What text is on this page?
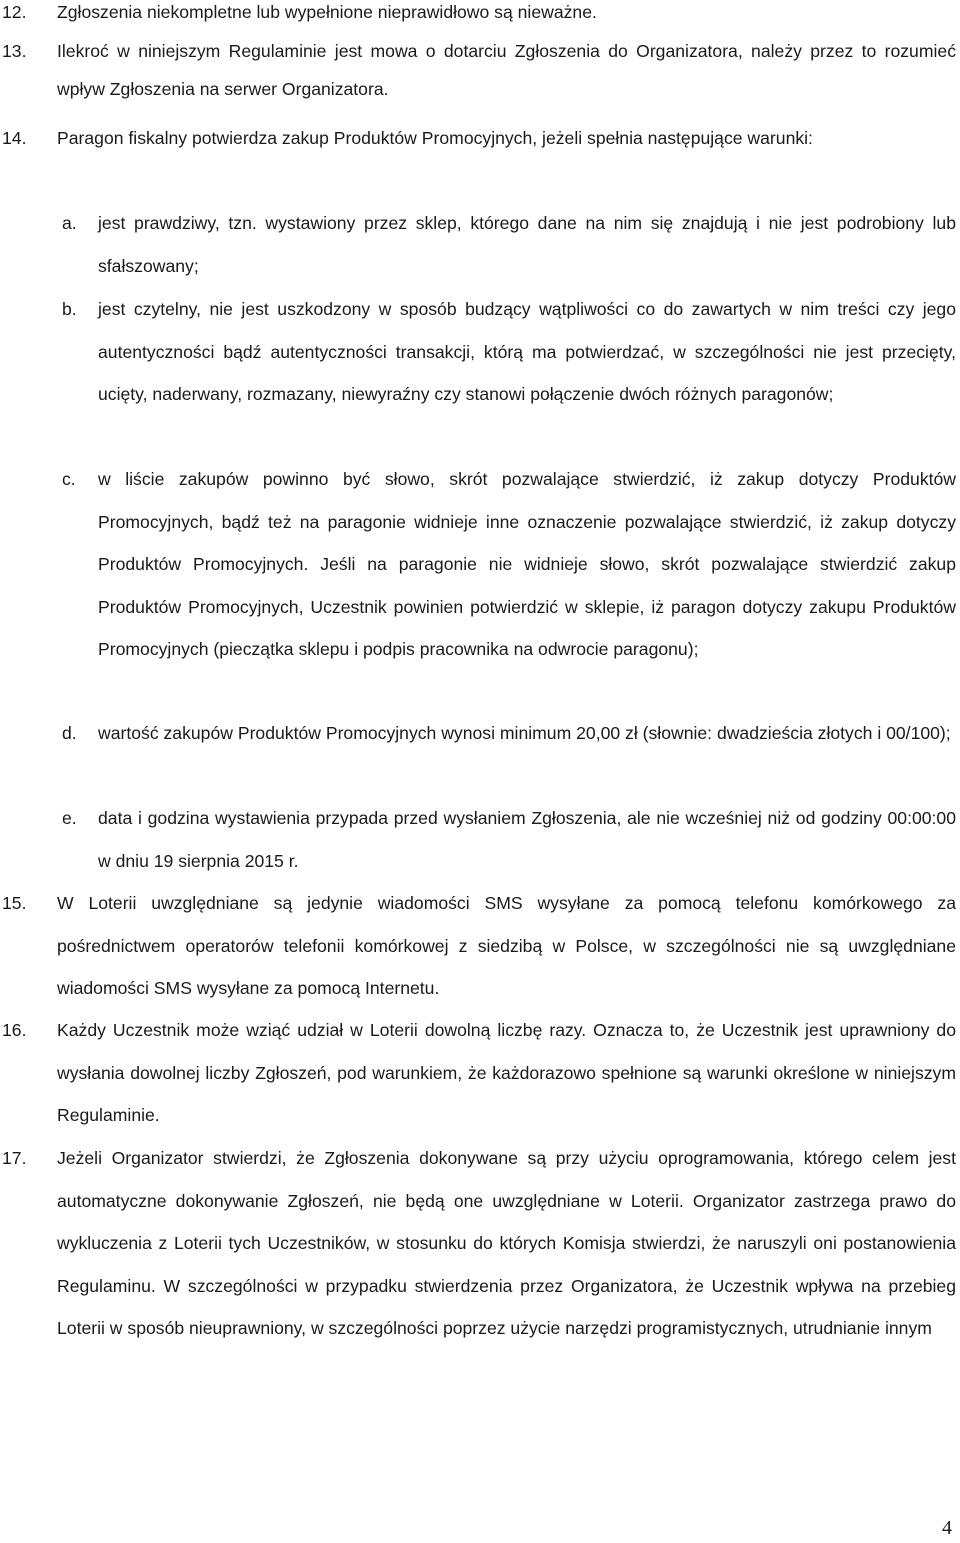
12.	Zgłoszenia niekompletne lub wypełnione nieprawidłowo są nieważne.
13.	Ilekroć w niniejszym Regulaminie jest mowa o dotarciu Zgłoszenia do Organizatora, należy przez to rozumieć wpływ Zgłoszenia na serwer Organizatora.
14.	Paragon fiskalny potwierdza zakup Produktów Promocyjnych, jeżeli spełnia następujące warunki:
a.	jest prawdziwy, tzn. wystawiony przez sklep, którego dane na nim się znajdują i nie jest podrobiony lub sfałszowany;
b.	jest czytelny, nie jest uszkodzony w sposób budzący wątpliwości co do zawartych w nim treści czy jego autentyczności bądź autentyczności transakcji, którą ma potwierdzać, w szczególności nie jest przecięty, ucięty, naderwany, rozmazany, niewyraźny czy stanowi połączenie dwóch różnych paragonów;
c.	w liście zakupów powinno być słowo, skrót pozwalające stwierdzić, iż zakup dotyczy Produktów Promocyjnych, bądź też na paragonie widnieje inne oznaczenie pozwalające stwierdzić, iż zakup dotyczy Produktów Promocyjnych. Jeśli na paragonie nie widnieje słowo, skrót pozwalające stwierdzić zakup Produktów Promocyjnych, Uczestnik powinien potwierdzić w sklepie, iż paragon dotyczy zakupu Produktów Promocyjnych (pieczątka sklepu i podpis pracownika na odwrocie paragonu);
d.	wartość zakupów Produktów Promocyjnych wynosi minimum 20,00 zł (słownie: dwadzieścia złotych i 00/100);
e.	data i godzina wystawienia przypada przed wysłaniem Zgłoszenia, ale nie wcześniej niż od godziny 00:00:00 w dniu 19 sierpnia 2015 r.
15.	W Loterii uwzględniane są jedynie wiadomości SMS wysyłane za pomocą telefonu komórkowego za pośrednictwem operatorów telefonii komórkowej z siedzibą w Polsce, w szczególności nie są uwzględniane wiadomości SMS wysyłane za pomocą Internetu.
16.	Każdy Uczestnik może wziąć udział w Loterii dowolną liczbę razy. Oznacza to, że Uczestnik jest uprawniony do wysłania dowolnej liczby Zgłoszeń, pod warunkiem, że każdorazowo spełnione są warunki określone w niniejszym Regulaminie.
17.	Jeżeli Organizator stwierdzi, że Zgłoszenia dokonywane są przy użyciu oprogramowania, którego celem jest automatyczne dokonywanie Zgłoszeń, nie będą one uwzględniane w Loterii. Organizator zastrzega prawo do wykluczenia z Loterii tych Uczestników, w stosunku do których Komisja stwierdzi, że naruszyli oni postanowienia Regulaminu. W szczególności w przypadku stwierdzenia przez Organizatora, że Uczestnik wpływa na przebieg Loterii w sposób nieuprawniony, w szczególności poprzez użycie narzędzi programistycznych, utrudnianie innym
4
